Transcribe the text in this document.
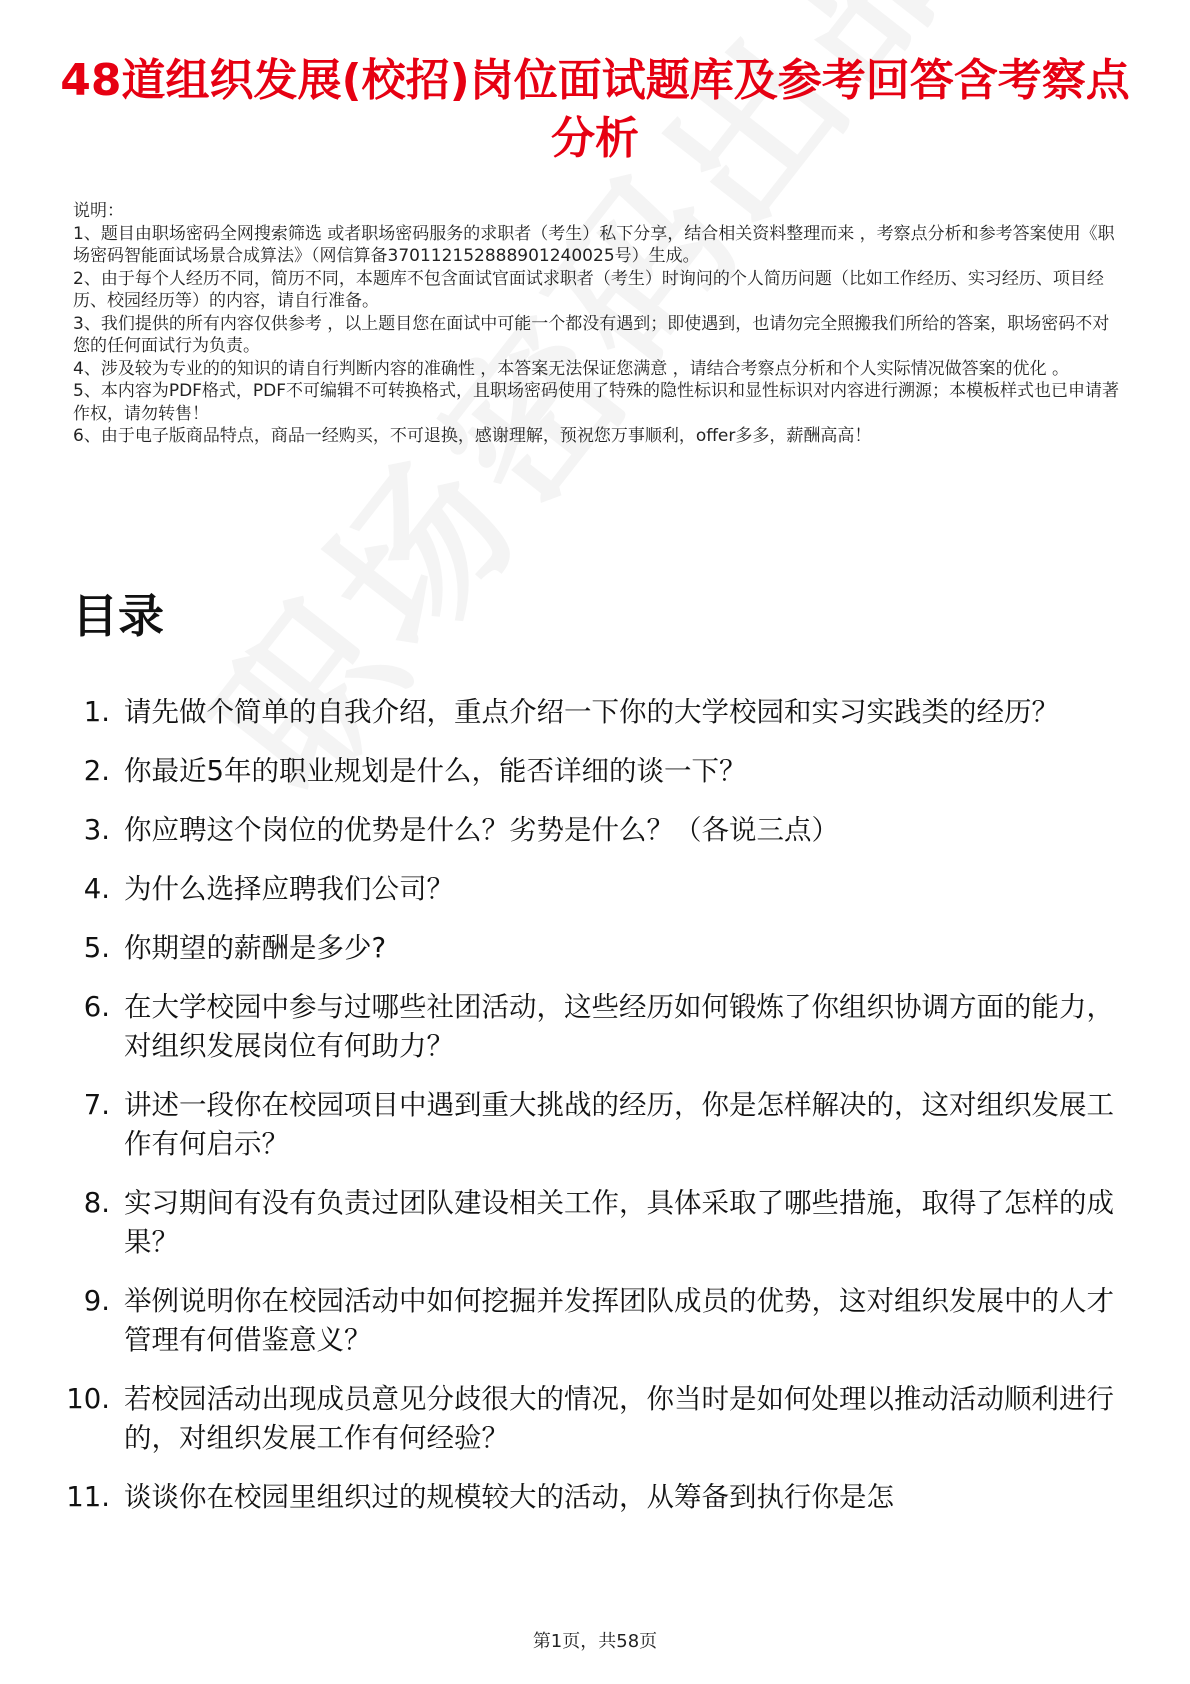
48道组织发展(校招)岗位面试题库及参考回答含考察点分析

说明：

1、题目由职场密码全网搜索筛选 或者职场密码服务的求职者（考生）私下分享，结合相关资料整理而来 ，考察点分析和参考答案使用《职场密码智能面试场景合成算法》（网信算备370112152888901240025号）生成。

2、由于每个人经历不同，简历不同，本题库不包含面试官面试求职者（考生）时询问的个人简历问题（比如工作经历、实习经历、项目经历、校园经历等）的内容，请自行准备。

3、我们提供的所有内容仅供参考 ，以上题目您在面试中可能一个都没有遇到；即使遇到，也请勿完全照搬我们所给的答案，职场密码不对您的任何面试行为负责。

4、涉及较为专业的的知识的请自行判断内容的准确性 ，本答案无法保证您满意 ，请结合考察点分析和个人实际情况做答案的优化 。

5、本内容为PDF格式，PDF不可编辑不可转换格式，且职场密码使用了特殊的隐性标识和显性标识对内容进行溯源；本模板样式也已申请著作权，请勿转售！

6、由于电子版商品特点，商品一经购买，不可退换，感谢理解，预祝您万事顺利，offer多多，薪酬高高！

目录
1. 请先做个简单的自我介绍，重点介绍一下你的大学校园和实习实践类的经历？
2. 你最近5年的职业规划是什么，能否详细的谈一下？
3. 你应聘这个岗位的优势是什么？劣势是什么？（各说三点）
4. 为什么选择应聘我们公司？
5. 你期望的薪酬是多少?
6. 在大学校园中参与过哪些社团活动，这些经历如何锻炼了你组织协调方面的能力，对组织发展岗位有何助力？
7. 讲述一段你在校园项目中遇到重大挑战的经历，你是怎样解决的，这对组织发展工作有何启示？
8. 实习期间有没有负责过团队建设相关工作，具体采取了哪些措施，取得了怎样的成果？
9. 举例说明你在校园活动中如何挖掘并发挥团队成员的优势，这对组织发展中的人才管理有何借鉴意义？
10. 若校园活动出现成员意见分歧很大的情况，你当时是如何处理以推动活动顺利进行的，对组织发展工作有何经验？
11. 谈谈你在校园里组织过的规模较大的活动，从筹备到执行你是怎
第1页，共58页
